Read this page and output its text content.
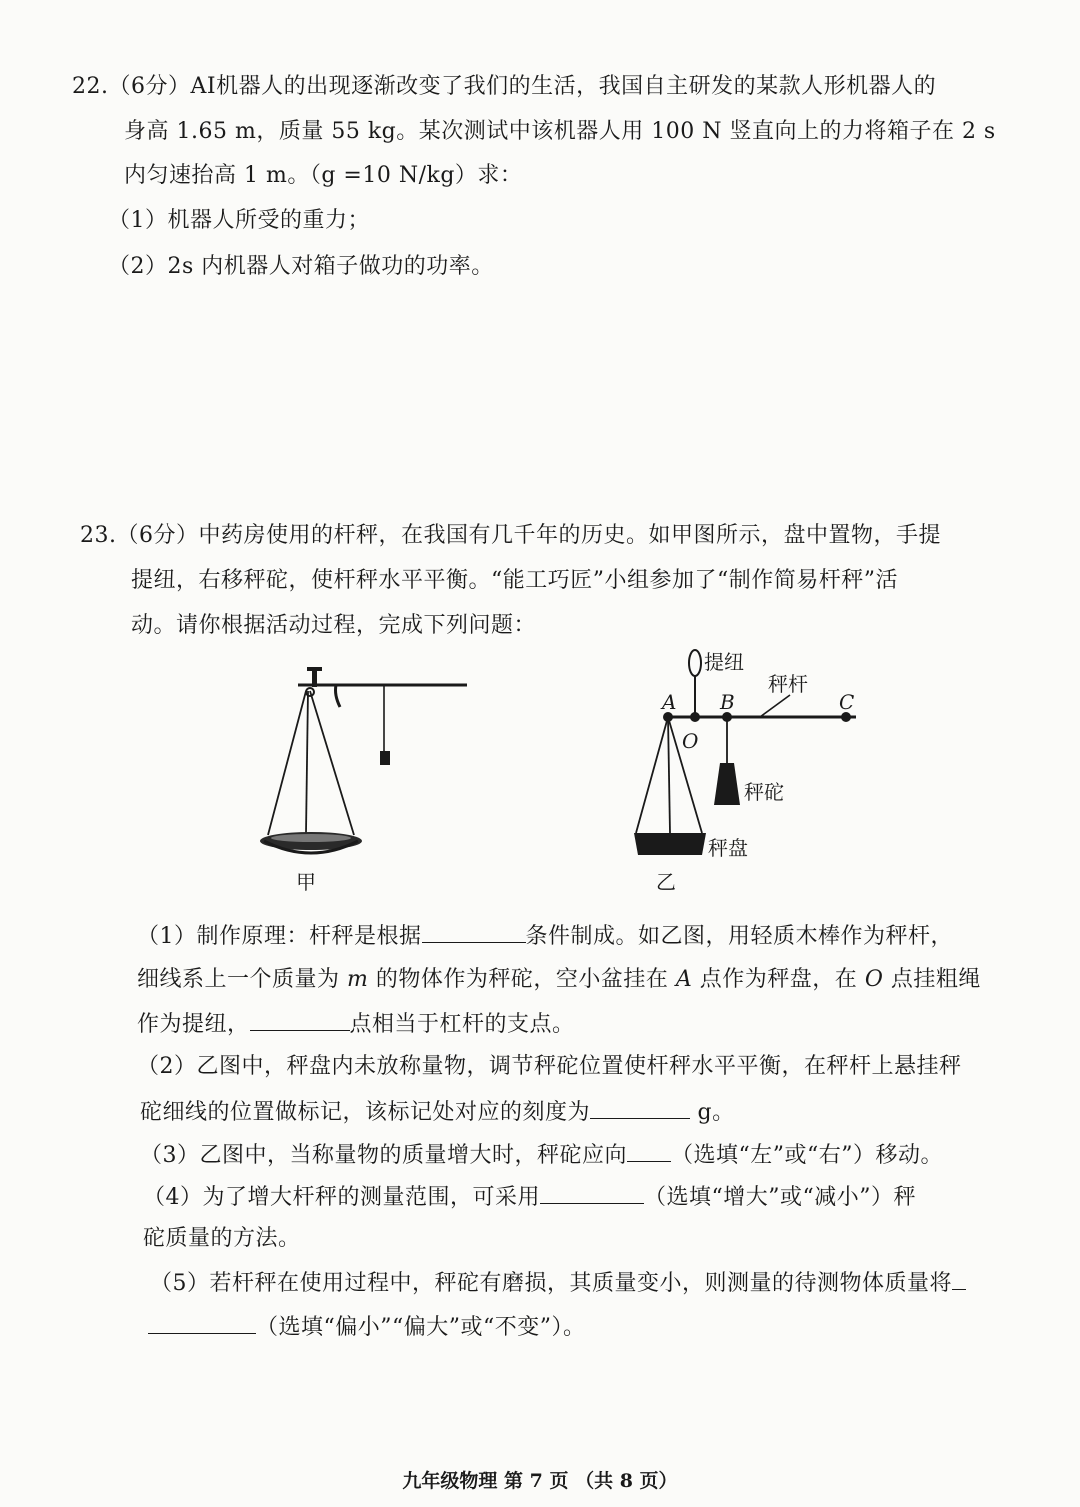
22.（6分）AI机器人的出现逐渐改变了我们的生活，我国自主研发的某款人形机器人的
身高 1.65 m，质量 55 kg。某次测试中该机器人用 100 N 竖直向上的力将箱子在 2 s
内匀速抬高 1 m。（g =10 N/kg）求：
（1）机器人所受的重力；
（2）2s 内机器人对箱子做功的功率。
23.（6分）中药房使用的杆秤，在我国有几千年的历史。如甲图所示，盘中置物，手提
提纽，右移秤砣，使杆秤水平平衡。“能工巧匠”小组参加了“制作简易杆秤”活
动。请你根据活动过程，完成下列问题：
甲
提纽
A B	C
O
秤杆
秤砣
秤盘
乙
（1）制作原理：杆秤是根据	条件制成。如乙图，用轻质木棒作为秤杆，
细线系上一个质量为 m 的物体作为秤砣，空小盆挂在 A 点作为秤盘，在 O 点挂粗绳
作为提纽，	点相当于杠杆的支点。
（2）乙图中，秤盘内未放称量物，调节秤砣位置使杆秤水平平衡，在秤杆上悬挂秤
砣细线的位置做标记，该标记处对应的刻度为	g。
（3）乙图中，当称量物的质量增大时，秤砣应向 （选填“左”或“右”）移动。
（4）为了增大杆秤的测量范围，可采用	（选填“增大”或“减小”）秤
砣质量的方法。
（5）若杆秤在使用过程中，秤砣有磨损，其质量变小，则测量的待测物体质量将
（选填“偏小”“偏大”或“不变”）。
九年级物理 第 7 页 （共 8 页）
